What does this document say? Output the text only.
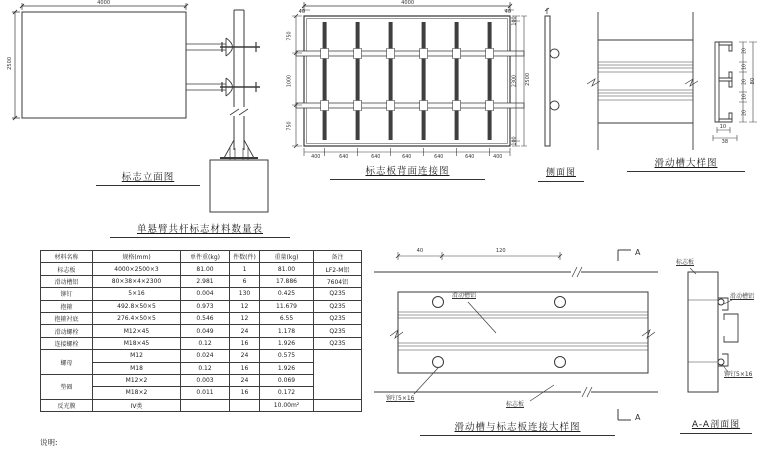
4000
2500
标志立面图
4000
40	40
750
1000
750
100
2300
100
2500
400	640	640	640	640	640	400
标志板背面连接图	侧面图
20
10
20
10
20
80
10
38
滑动槽大样图
单悬臂共杆标志材料数量表
材料名称	规格(mm)	单件重(kg)	件数(件)	重量(kg)	备注
标志板	4000×2500×3	81.00	1	81.00	LF2-M铝
滑动槽铝	80×38×4×2300	2.981	6	17.886	7604铝
铆钉	5×16	0.004	130	0.425	Q235
抱箍	492.8×50×5	0.973	12	11.679	Q235
抱箍衬底	276.4×50×5	0.546	12	6.55	Q235
滑动螺栓	M12×45	0.049	24	1.178	Q235
连接螺栓	M18×45	0.12	16	1.926	Q235
螺母	M12	0.024	24	0.575	
	M18	0.12	16	1.926	
垫圈	M12×2	0.003	24	0.069	
	M18×2	0.011	16	0.172	
反光膜	IV类			10.00m²	
说明:
40	120
滑动槽铝
铆钉5×16
标志板
A
A
滑动槽与标志板连接大样图
标志板
滑动槽铝
铆钉5×16
A-A剖面图
